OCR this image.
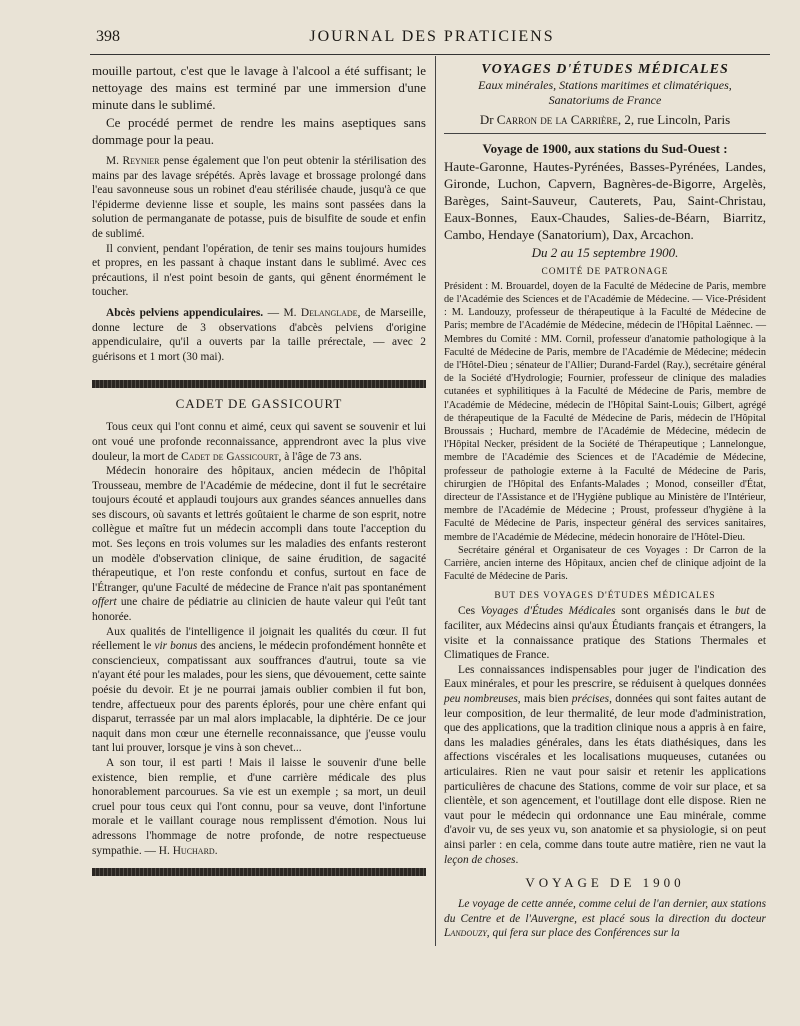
398	JOURNAL DES PRATICIENS

mouille partout, c'est que le lavage à l'alcool a été suffisant; le nettoyage des mains est terminé par une immersion d'une minute dans le sublimé.

Ce procédé permet de rendre les mains aseptiques sans dommage pour la peau.

M. Reynier pense également que l'on peut obtenir la stérilisation des mains par des lavage srépétés. Après lavage et brossage prolongé dans l'eau savonneuse sous un robinet d'eau stérilisée chaude, jusqu'à ce que l'épiderme devienne lisse et souple, les mains sont passées dans la solution de permanganate de potasse, puis de bisulfite de soude et enfin de sublimé.

Il convient, pendant l'opération, de tenir ses mains toujours humides et propres, en les passant à chaque instant dans le sublimé. Avec ces précautions, il n'est point besoin de gants, qui gênent énormément le toucher.

Abcès pelviens appendiculaires. — M. Delanglade, de Marseille, donne lecture de 3 observations d'abcès pelviens d'origine appendiculaire, qu'il a ouverts par la taille prérectale, — avec 2 guérisons et 1 mort (30 mai).

CADET DE GASSICOURT

Tous ceux qui l'ont connu et aimé, ceux qui savent se souvenir et lui ont voué une profonde reconnaissance, apprendront avec la plus vive douleur, la mort de Cadet de Gassicourt, à l'âge de 73 ans.

Médecin honoraire des hôpitaux, ancien médecin de l'hôpital Trousseau, membre de l'Académie de médecine, dont il fut le secrétaire toujours écouté et applaudi toujours aux grandes séances annuelles dans ses discours, où savants et lettrés goûtaient le charme de son esprit, notre collègue et maître fut un médecin accompli dans toute l'acception du mot. Ses leçons en trois volumes sur les maladies des enfants resteront un modèle d'observation clinique, de saine érudition, de sagacité thérapeutique, et l'on reste confondu et confus, surtout en face de l'Étranger, qu'une Faculté de médecine de France n'ait pas spontanément offert une chaire de pédiatrie au clinicien de haute valeur qui l'eût tant honorée.

Aux qualités de l'intelligence il joignait les qualités du cœur. Il fut réellement le vir bonus des anciens, le médecin profondément honnête et consciencieux, compatissant aux souffrances d'autrui, toute sa vie n'ayant été pour les malades, pour les siens, que dévouement, cette sainte poésie du devoir. Et je ne pourrai jamais oublier combien il fut bon, tendre, affectueux pour des parents éplorés, pour une chère enfant qui disparut, terrassée par un mal alors implacable, la diphtérie. De ce jour naquit dans mon cœur une éternelle reconnaissance, que j'eusse voulu tant lui prouver, lorsque je vins à son chevet...

A son tour, il est parti ! Mais il laisse le souvenir d'une belle existence, bien remplie, et d'une carrière médicale des plus honorablement parcourues. Sa vie est un exemple ; sa mort, un deuil cruel pour tous ceux qui l'ont connu, pour sa veuve, dont l'infortune morale et le vaillant courage nous remplissent d'émotion. Nous lui adressons l'hommage de notre profonde, de notre respectueuse sympathie. — H. Huchard.

VOYAGES D'ÉTUDES MÉDICALES
Eaux minérales, Stations maritimes et climatériques,
Sanatoriums de France
Dr Carron de la Carrière, 2, rue Lincoln, Paris

Voyage de 1900, aux stations du Sud-Ouest :

Haute-Garonne, Hautes-Pyrénées, Basses-Pyrénées, Landes, Gironde, Luchon, Capvern, Bagnères-de-Bigorre, Argelès, Barèges, Saint-Sauveur, Cauterets, Pau, Saint-Christau, Eaux-Bonnes, Eaux-Chaudes, Salies-de-Béarn, Biarritz, Cambo, Hendaye (Sanatorium), Dax, Arcachon.

Du 2 au 15 septembre 1900.

COMITÉ DE PATRONAGE

Président : M. Brouardel, doyen de la Faculté de Médecine de Paris, membre de l'Académie des Sciences et de l'Académie de Médecine. — Vice-Président : M. Landouzy, professeur de thérapeutique à la Faculté de Médecine de Paris; membre de l'Académie de Médecine, médecin de l'Hôpital Laënnec. — Membres du Comité : MM. Cornil, professeur d'anatomie pathologique à la Faculté de Médecine de Paris, membre de l'Académie de Médecine; médecin de l'Hôtel-Dieu ; sénateur de l'Allier; Durand-Fardel (Ray.), secrétaire général de la Société d'Hydrologie; Fournier, professeur de clinique des maladies cutanées et syphilitiques à la Faculté de Médecine de Paris, membre de l'Académie de Médecine, médecin de l'Hôpital Saint-Louis; Gilbert, agrégé de thérapeutique de la Faculté de Médecine de Paris, médecin de l'Hôpital Broussais ; Huchard, membre de l'Académie de Médecine, médecin de l'Hôpital Necker, président de la Société de Thérapeutique ; Lannelongue, membre de l'Académie des Sciences et de l'Académie de Médecine, professeur de pathologie externe à la Faculté de Médecine de Paris, chirurgien de l'Hôpital des Enfants-Malades ; Monod, conseiller d'État, directeur de l'Assistance et de l'Hygiène publique au Ministère de l'Intérieur, membre de l'Académie de Médecine ; Proust, professeur d'hygiène à la Faculté de Médecine de Paris, inspecteur général des services sanitaires, membre de l'Académie de Médecine, médecin honoraire de l'Hôtel-Dieu.

Secrétaire général et Organisateur de ces Voyages : Dr Carron de la Carrière, ancien interne des Hôpitaux, ancien chef de clinique adjoint de la Faculté de Médecine de Paris.

BUT DES VOYAGES D'ÉTUDES MÉDICALES

Ces Voyages d'Études Médicales sont organisés dans le but de faciliter, aux Médecins ainsi qu'aux Étudiants français et étrangers, la visite et la connaissance pratique des Stations Thermales et Climatiques de France.

Les connaissances indispensables pour juger de l'indication des Eaux minérales, et pour les prescrire, se réduisent à quelques données peu nombreuses, mais bien précises, données qui sont faites autant de leur composition, de leur thermalité, de leur mode d'administration, que des applications, que la tradition clinique nous a appris à en faire, dans les maladies générales, dans les états diathésiques, dans les affections viscérales et les localisations muqueuses, cutanées ou articulaires. Rien ne vaut pour saisir et retenir les applications particulières de chacune des Stations, comme de voir sur place, et sa clientèle, et son agencement, et l'outillage dont elle dispose. Rien ne vaut pour le médecin qui ordonnance une Eau minérale, comme d'avoir vu, de ses yeux vu, son anatomie et sa physiologie, si on peut ainsi parler : en cela, comme dans toute autre matière, rien ne vaut la leçon de choses.

VOYAGE DE 1900

Le voyage de cette année, comme celui de l'an dernier, aux stations du Centre et de l'Auvergne, est placé sous la direction du docteur Landouzy, qui fera sur place des Conférences sur la
